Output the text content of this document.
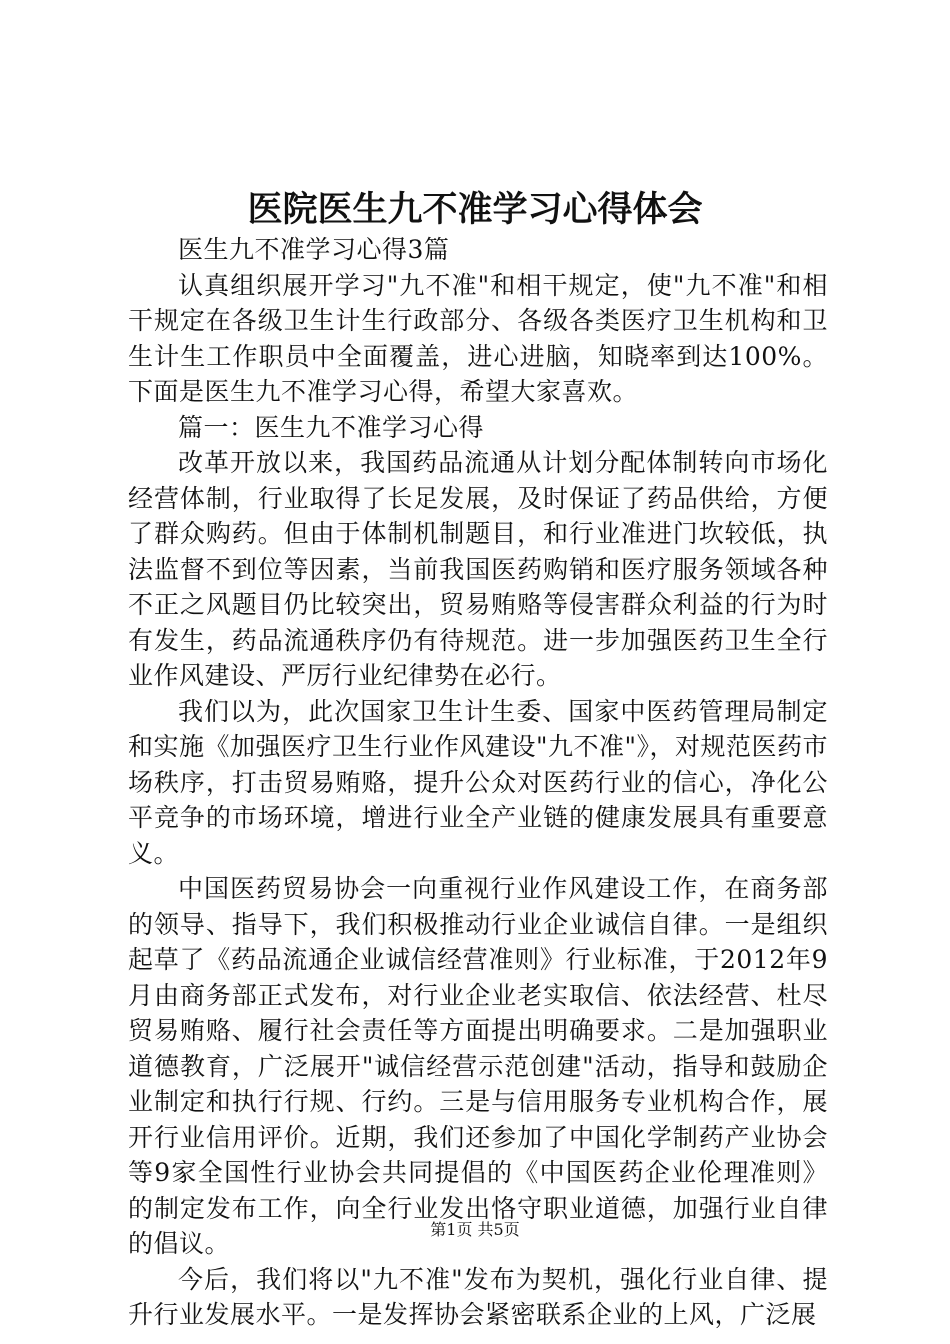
医院医生九不准学习心得体会

医生九不准学习心得3篇

认真组织展开学习"九不准"和相干规定，使"九不准"和相干规定在各级卫生计生行政部分、各级各类医疗卫生机构和卫生计生工作职员中全面覆盖，进心进脑，知晓率到达100%。下面是医生九不准学习心得，希望大家喜欢。

篇一：医生九不准学习心得

改革开放以来，我国药品流通从计划分配体制转向市场化经营体制，行业取得了长足发展，及时保证了药品供给，方便了群众购药。但由于体制机制题目，和行业准进门坎较低，执法监督不到位等因素，当前我国医药购销和医疗服务领域各种不正之风题目仍比较突出，贸易贿赂等侵害群众利益的行为时有发生，药品流通秩序仍有待规范。进一步加强医药卫生全行业作风建设、严厉行业纪律势在必行。

我们以为，此次国家卫生计生委、国家中医药管理局制定和实施《加强医疗卫生行业作风建设"九不准"》，对规范医药市场秩序，打击贸易贿赂，提升公众对医药行业的信心，净化公平竞争的市场环境，增进行业全产业链的健康发展具有重要意义。

中国医药贸易协会一向重视行业作风建设工作，在商务部的领导、指导下，我们积极推动行业企业诚信自律。一是组织起草了《药品流通企业诚信经营准则》行业标准，于2012年9月由商务部正式发布，对行业企业老实取信、依法经营、杜尽贸易贿赂、履行社会责任等方面提出明确要求。二是加强职业道德教育，广泛展开"诚信经营示范创建"活动，指导和鼓励企业制定和执行行规、行约。三是与信用服务专业机构合作，展开行业信用评价。近期，我们还参加了中国化学制药产业协会等9家全国性行业协会共同提倡的《中国医药企业伦理准则》的制定发布工作，向全行业发出恪守职业道德，加强行业自律的倡议。

今后，我们将以"九不准"发布为契机，强化行业自律、提升行业发展水平。一是发挥协会紧密联系企业的上风，广泛展

第1页 共5页
